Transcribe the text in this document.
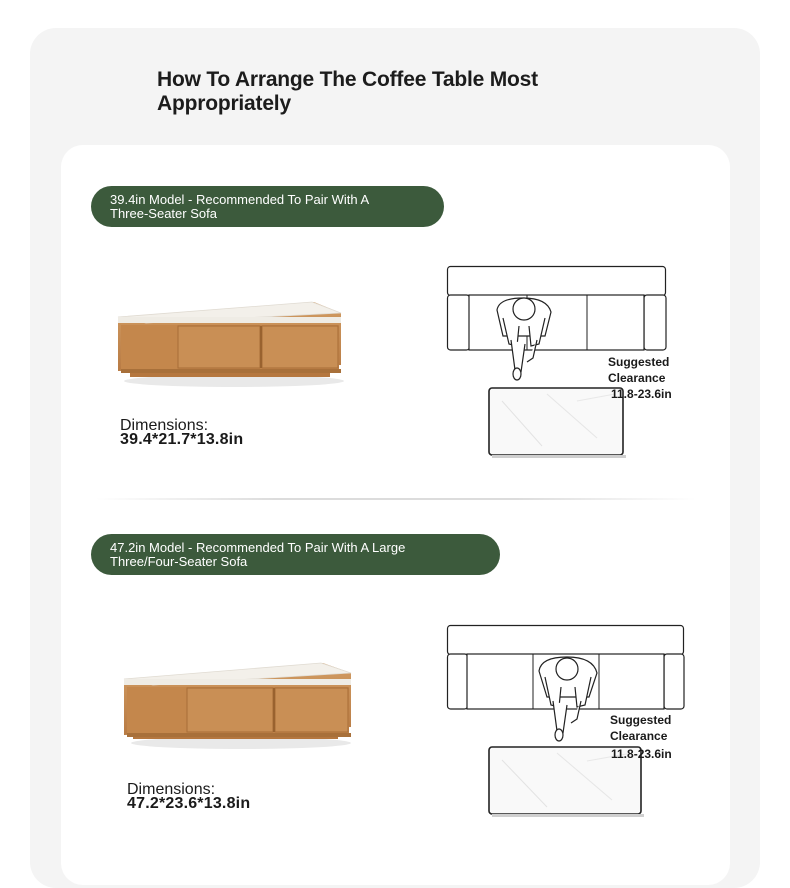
How To Arrange The Coffee Table Most
Appropriately
39.4in Model - Recommended To Pair With A
Three-Seater Sofa
Dimensions:
39.4*21.7*13.8in
Suggested Clearance
11.8-23.6in
47.2in Model - Recommended To Pair With A Large
Three/Four-Seater Sofa
Dimensions:
47.2*23.6*13.8in
Suggested Clearance
11.8-23.6in
